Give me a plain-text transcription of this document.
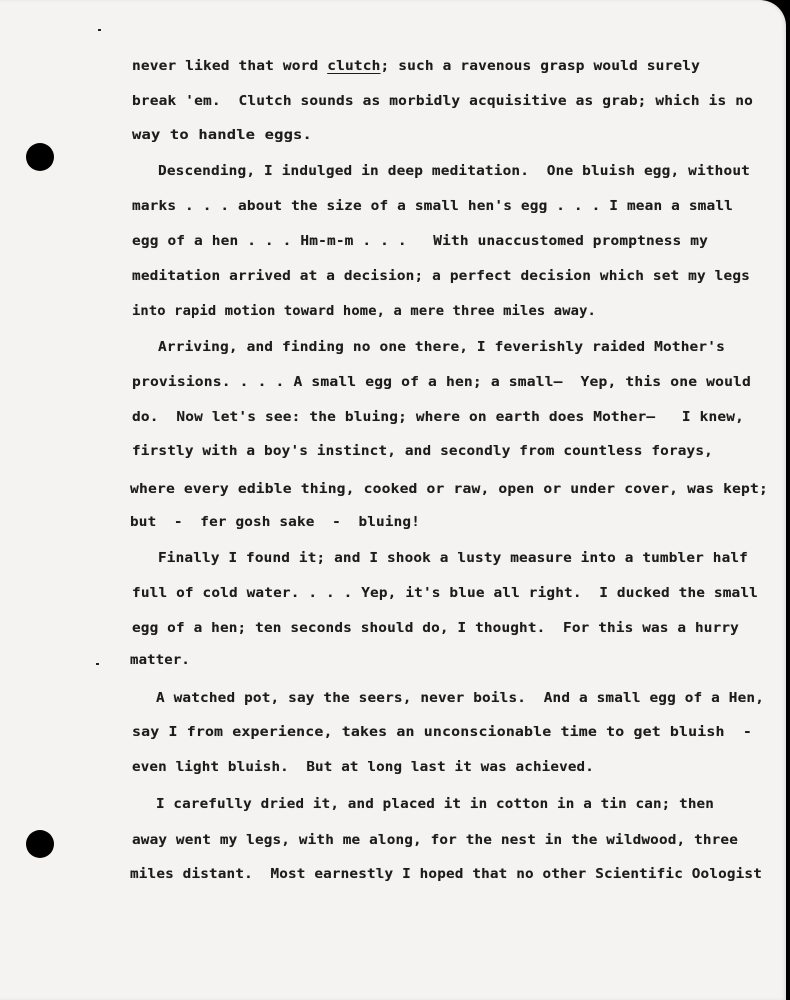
never liked that word clutch; such a ravenous grasp would surely
break 'em.  Clutch sounds as morbidly acquisitive as grab; which is no
way to handle eggs.
Descending, I indulged in deep meditation.  One bluish egg, without
marks . . . about the size of a small hen's egg . . . I mean a small
egg of a hen . . . Hm-m-m . . .   With unaccustomed promptness my
meditation arrived at a decision; a perfect decision which set my legs
into rapid motion toward home, a mere three miles away.
Arriving, and finding no one there, I feverishly raided Mother's
provisions. . . . A small egg of a hen; a small—  Yep, this one would
do.  Now let's see: the bluing; where on earth does Mother—   I knew,
firstly with a boy's instinct, and secondly from countless forays,
where every edible thing, cooked or raw, open or under cover, was kept;
but  -  fer gosh sake  -  bluing!
Finally I found it; and I shook a lusty measure into a tumbler half
full of cold water. . . . Yep, it's blue all right.  I ducked the small
egg of a hen; ten seconds should do, I thought.  For this was a hurry
matter.
A watched pot, say the seers, never boils.  And a small egg of a Hen,
say I from experience, takes an unconscionable time to get bluish  -
even light bluish.  But at long last it was achieved.
I carefully dried it, and placed it in cotton in a tin can; then
away went my legs, with me along, for the nest in the wildwood, three
miles distant.  Most earnestly I hoped that no other Scientific Oologist
